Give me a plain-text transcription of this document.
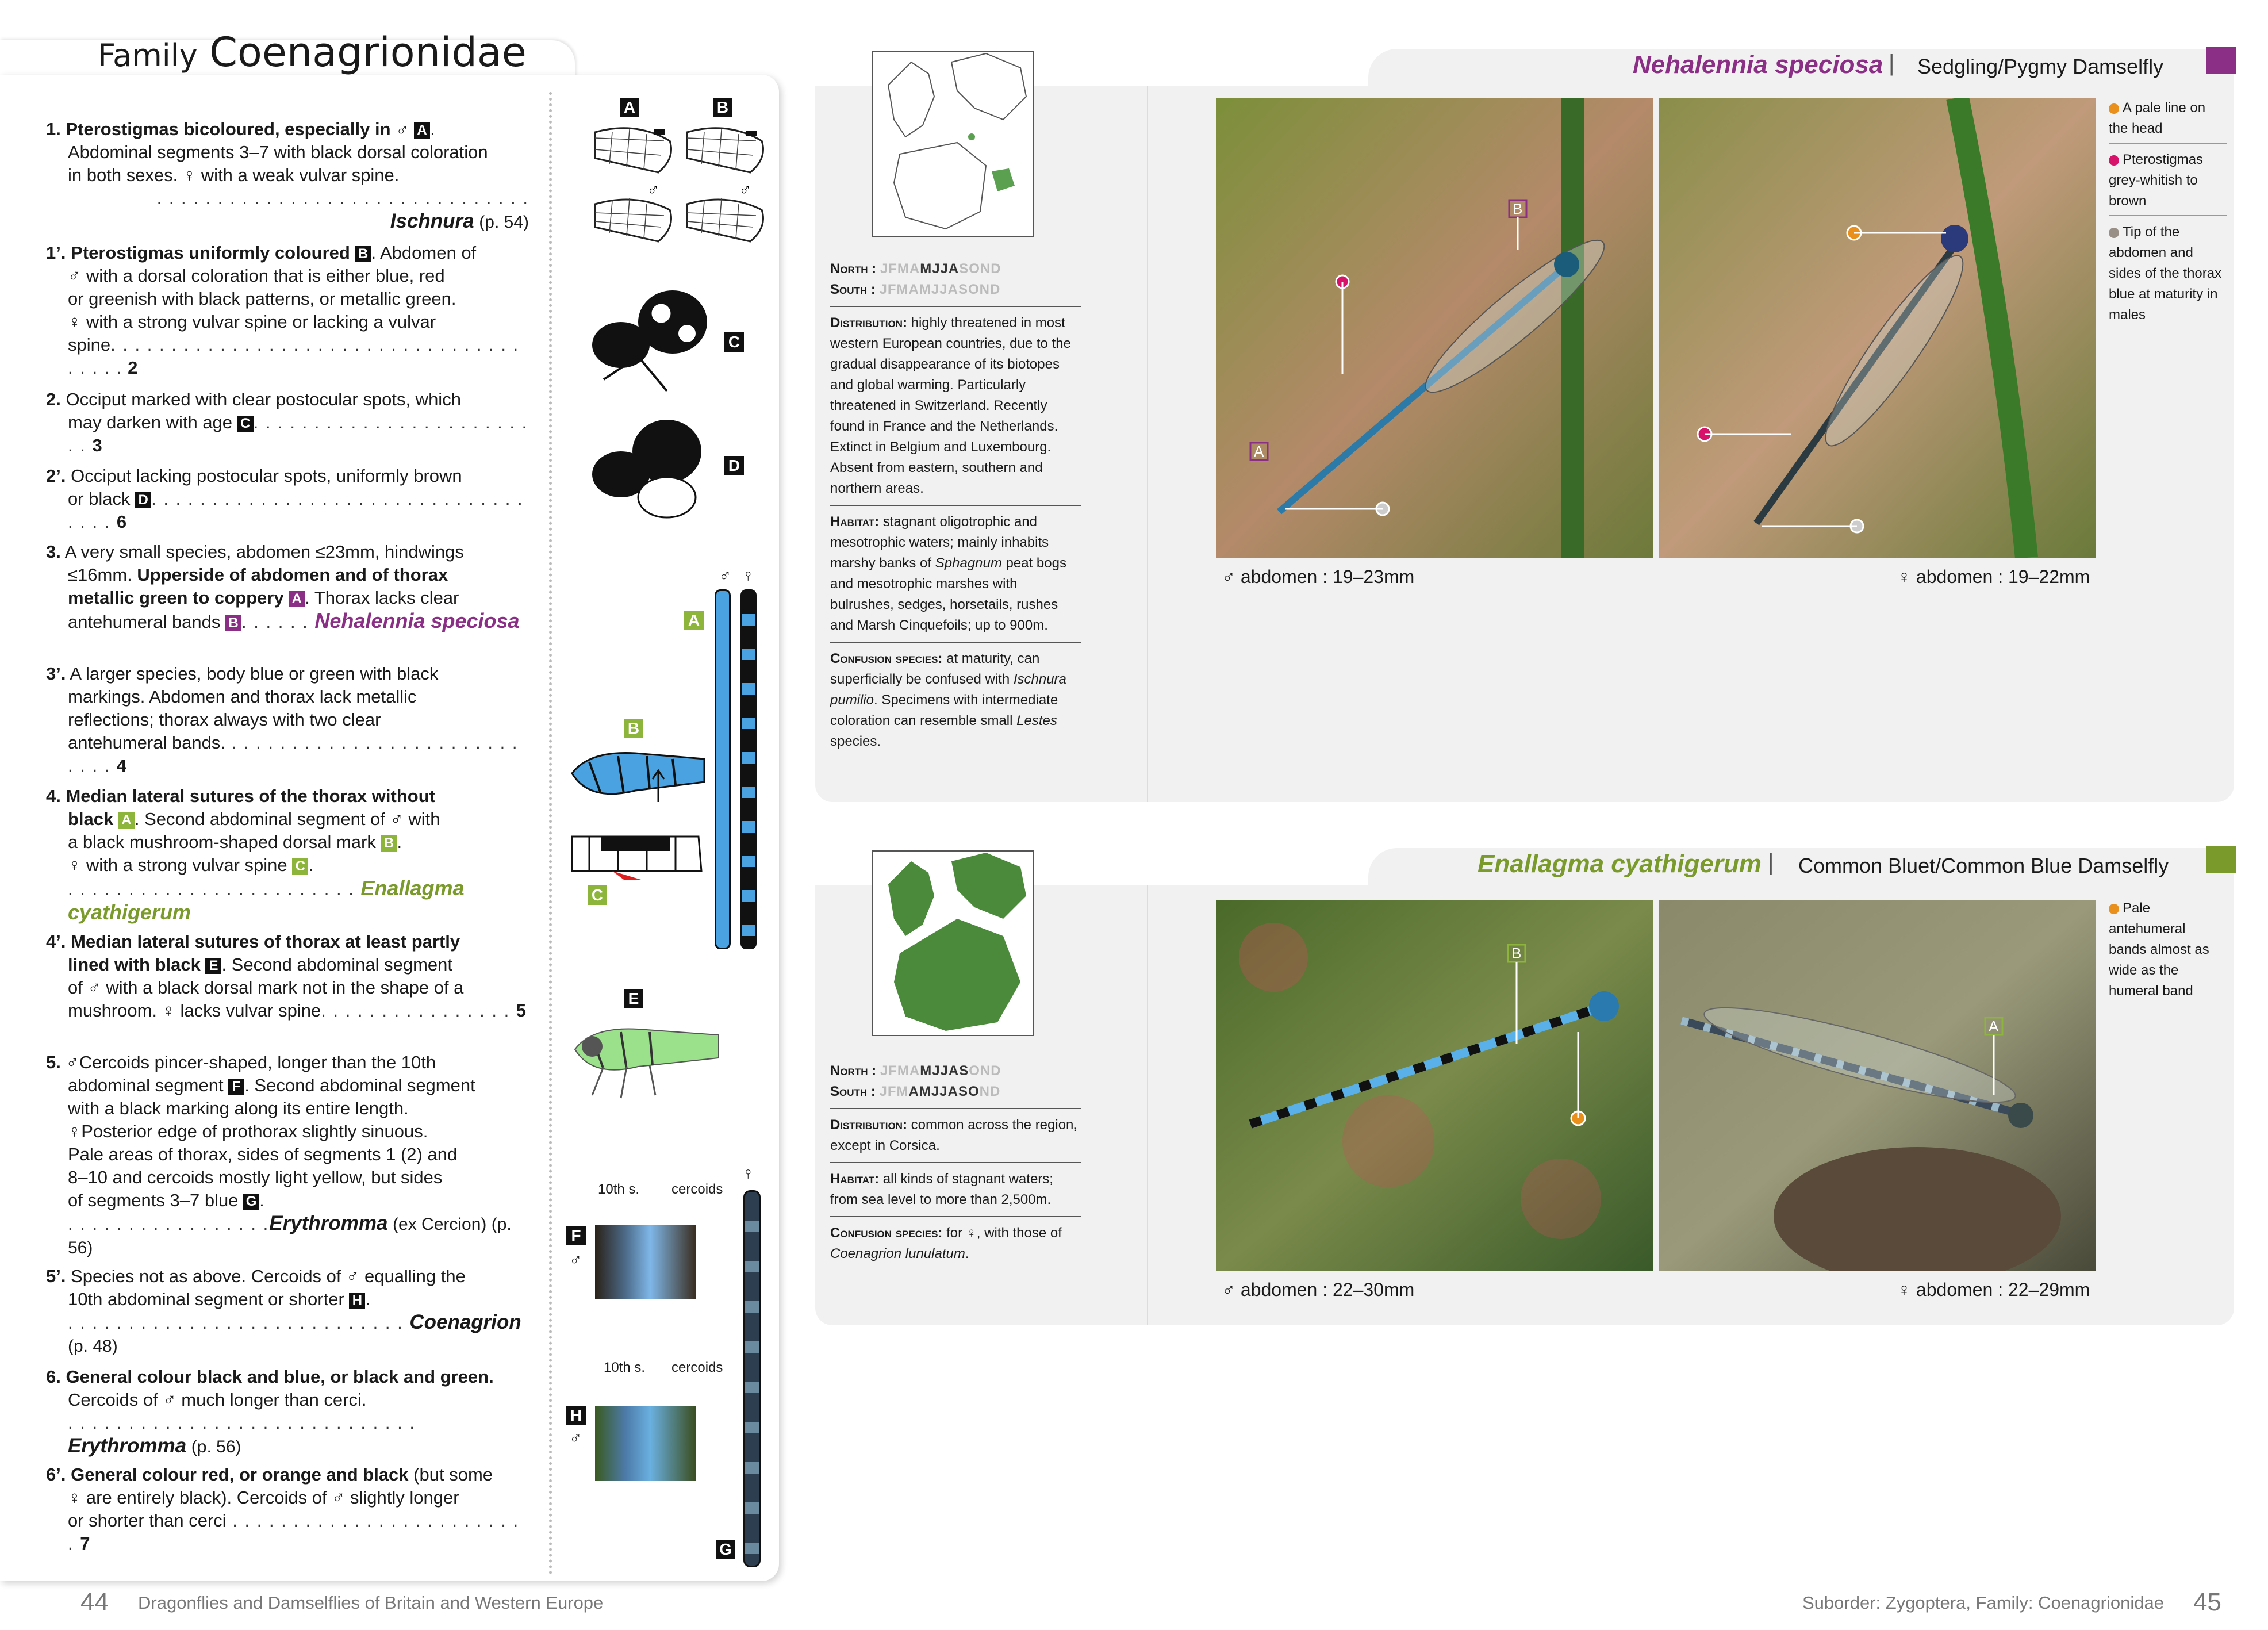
Family Coenagrionidae
1. Pterostigmas bicoloured, especially in ♂ A .
Abdominal segments 3–7 with black dorsal coloration
in both sexes. ♀ with a weak vulvar spine.
. . . . . . . . . . . . . . . . . . . . . . . . . . . . . . . Ischnura (p. 54)
1’. Pterostigmas uniformly coloured B . Abdomen of
♂ with a dorsal coloration that is either blue, red
or greenish with black patterns, or metallic green.
♀ with a strong vulvar spine or lacking a vulvar
spine. . . . . . . . . . . . . . . . . . . . . . . . . . . . . . . . . . . . . . . 2
2. Occiput marked with clear postocular spots, which
may darken with age C . . . . . . . . . . . . . . . . . . . . . . . . . 3
2’. Occiput lacking postocular spots, uniformly brown
or black D . . . . . . . . . . . . . . . . . . . . . . . . . . . . . . . . . . . 6
3. A very small species, abdomen ≤23mm, hindwings
≤16mm. Upperside of abdomen and of thorax
metallic green to coppery A . Thorax lacks clear
antehumeral bands B . . . . . . Nehalennia speciosa
3’. A larger species, body blue or green with black
markings. Abdomen and thorax lack metallic
reflections; thorax always with two clear
antehumeral bands. . . . . . . . . . . . . . . . . . . . . . . . . . . . . 4
4. Median lateral sutures of the thorax without
black A . Second abdominal segment of ♂ with
a black mushroom-shaped dorsal mark B .
♀ with a strong vulvar spine C .
. . . . . . . . . . . . . . . . . . . . . . . . Enallagma cyathigerum
4’. Median lateral sutures of thorax at least partly
lined with black E . Second abdominal segment
of ♂ with a black dorsal mark not in the shape of a
mushroom. ♀ lacks vulvar spine. . . . . . . . . . . . . . . . 5
5. ♂Cercoids pincer-shaped, longer than the 10th
abdominal segment F . Second abdominal segment
with a black marking along its entire length.
♀Posterior edge of prothorax slightly sinuous.
Pale areas of thorax, sides of segments 1 (2) and
8–10 and cercoids mostly light yellow, but sides
of segments 3–7 blue G .
. . . . . . . . . . . . . . . . .Erythromma (ex Cercion) (p. 56)
5’. Species not as above. Cercoids of ♂ equalling the
10th abdominal segment or shorter H .
. . . . . . . . . . . . . . . . . . . . . . . . . . . . Coenagrion (p. 48)
6. General colour black and blue, or black and green.
Cercoids of ♂ much longer than cerci.
. . . . . . . . . . . . . . . . . . . . . . . . . . . . . Erythromma (p. 56)
6’. General colour red, or orange and black (but some
♀ are entirely black). Cercoids of ♂ slightly longer
or shorter than cerci . . . . . . . . . . . . . . . . . . . . . . . . . 7
A	B
♂	♂
C
D
♂ ♀
A
B
C
E
♀
G
10th s. cercoids
F
♂
10th s. cercoids
H
♂
Nehalennia speciosa | Sedgling/Pygmy Damselfly
North : JFMAMJJASOND
South : JFMAMJJASOND
Distribution: highly threatened in most western European countries, due to the gradual disappearance of its biotopes and global warming. Particularly threatened in Switzerland. Recently found in France and the Netherlands. Extinct in Belgium and Luxembourg. Absent from eastern, southern and northern areas.
Habitat: stagnant oligotrophic and mesotrophic waters; mainly inhabits marshy banks of Sphagnum peat bogs and mesotrophic marshes with bulrushes, sedges, horsetails, rushes and Marsh Cinquefoils; up to 900m.
Confusion species: at maturity, can superficially be confused with Ischnura pumilio. Specimens with intermediate coloration can resemble small Lestes species.
B
A
♂ abdomen : 19–23mm	♀ abdomen : 19–22mm
A pale line on the head
Pterostigmas grey-whitish to brown
Tip of the abdomen and sides of the thorax blue at maturity in males
Enallagma cyathigerum | Common Bluet/Common Blue Damselfly
North : JFMAMJJASOND
South : JFMAMJJASOND
Distribution: common across the region, except in Corsica.
Habitat: all kinds of stagnant waters; from sea level to more than 2,500m.
Confusion species: for ♀, with those of Coenagrion lunulatum.
B
A
♂ abdomen : 22–30mm	♀ abdomen : 22–29mm
Pale antehumeral bands almost as wide as the humeral band
44 Dragonflies and Damselflies of Britain and Western Europe	Suborder: Zygoptera, Family: Coenagrionidae 45
